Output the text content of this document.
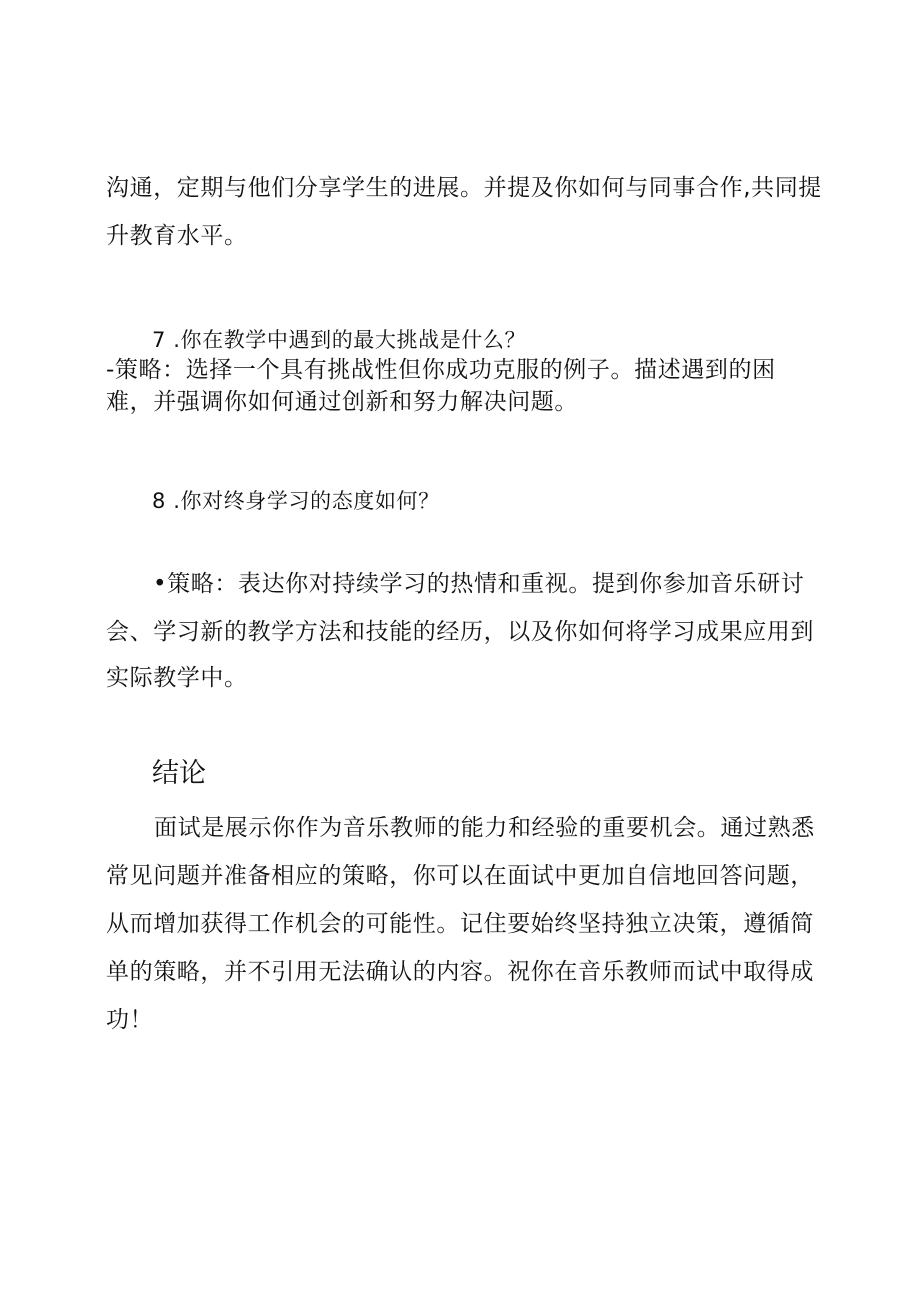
沟通，定期与他们分享学生的进展。并提及你如何与同事合作,共同提
升教育水平。
7 .你在教学中遇到的最大挑战是什么？
-策略：选择一个具有挑战性但你成功克服的例子。描述遇到的困
难，并强调你如何通过创新和努力解决问题。
8 .你对终身学习的态度如何？
•策略：表达你对持续学习的热情和重视。提到你参加音乐研讨
会、学习新的教学方法和技能的经历，以及你如何将学习成果应用到
实际教学中。
结论
面试是展示你作为音乐教师的能力和经验的重要机会。通过熟悉
常见问题并准备相应的策略，你可以在面试中更加自信地回答问题，
从而增加获得工作机会的可能性。记住要始终坚持独立决策，遵循简
单的策略，并不引用无法确认的内容。祝你在音乐教师而试中取得成
功！
